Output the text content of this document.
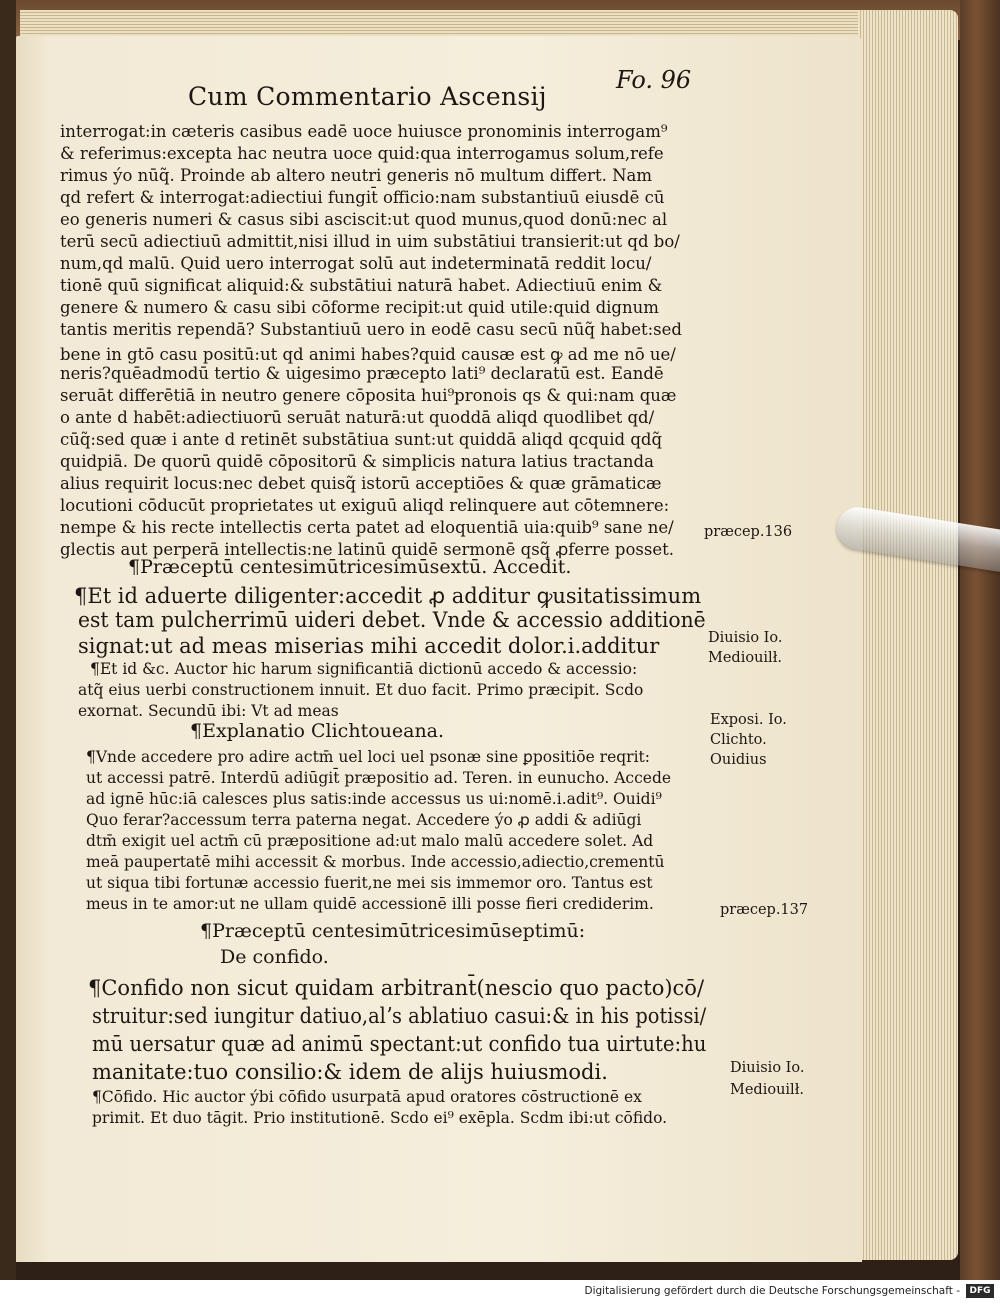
Cum Commentario Ascensij
Fo. 96
interrogat:in cæteris casibus eadē uoce huiusce pronominis interrogam⁹
& referimus:excepta hac neutra uoce quid:qua interrogamus solum,refe
rimus ýo nūq̃. Proinde ab altero neutri generis nō multum differt. Nam
qd refert & interrogat:adiectiui fungit̄ officio:nam substantiuū eiusdē cū
eo generis numeri & casus sibi ascisci​t:ut quod munus,quod donū:nec al
terū secū adiectiuū admittit,nisi illud in uim substātiui transierit:ut qd bo/
num,qd malū. Quid uero interrogat solū aut indeterminatā reddit locu/
tionē quū significat aliquid:& substātiui naturā habet. Adiectiuū enim &
genere & numero & casu sibi cōforme recipit:ut quid utile:quid dignum
tantis meritis rependā? Substantiuū uero in eodē casu secū nūq̃ habet:sed
bene in gtō casu positū:ut qd animi habes?quid causæ est ꝙ ad me nō ue/
neris?quēadmodū tertio & uigesimo præcepto lati⁹ declaratū est. Eandē
seruāt differētiā in neutro genere cōposita hui⁹pronois qs & qui:nam quæ
o ante d habēt:adiectiuorū seruāt naturā:ut quoddā aliqd quodlibet qd/
cūq̃:sed quæ i ante d retinēt substātiua sunt:ut quiddā aliqd qcquid qdq̃
quidpiā. De quorū quidē cōpositorū & simplicis natura latius tractanda
alius requirit locus:nec debet quisq̃ istorū acceptiōes & quæ grāmaticæ
locutioni cōducūt proprietates ut exiguū aliqd relinquere aut cōtemnere:
nempe & his recte intellectis certa patet ad eloquentiā uia:quib⁹ sane ne/
glectis aut perperā intellectis:ne latinū quidē sermonē qsq̃ ꝓferre posset.
¶Præceptū centesimūtricesimūsextū. Accedit.
præcep.136
¶Et id aduerte diligenter:accedit ꝓ additur ꝙusitatissimum
est tam pulcherrimū uideri debet. Vnde & accessio additionē
signat:ut ad meas miserias mihi accedit dolor.i.additur
¶Et id &c. Auctor hic harum significantiā dictionū accedo & accessio:
atq̃ eius uerbi constructionem innuit. Et duo facit. Primo præcipit. Scdo
exornat. Secundū ibi: Vt ad meas
Diuisio Io.
Mediouilł.
¶Explanatio Clichtoueana.	Exposi. Io.
Clichto.
Ouidius
¶Vnde accedere pro adire actm̄ uel loci uel psonæ sine ꝑpositiōe reqrit:
ut accessi patrē. Interdū adiūgit̄ præpositio ad. Teren. in eunucho. Accede
ad ignē hūc:iā calesces plus satis:inde accessus us ui:nomē.i.adit⁹. Ouidi⁹
Quo ferar?accessum terra paterna negat. Accedere ýo ꝓ addi & adiūgi
dtm̄ exigit uel actm̄ cū præpositione ad:ut malo malū accedere solet. Ad
meā paupertatē mihi accessit & morbus. Inde accessio,adiectio,crementū
ut siqua tibi fortunæ accessio fuerit,ne mei sis immemor oro. Tantus est
meus in te amor:ut ne ullam quidē accessionē illi posse fieri crediderim.
¶Præceptū centesimūtricesimūseptimū:
præcep.137
De confido.
¶Confido non sicut quidam arbitrant̄(nescio quo pacto)cō/
struitur:sed iungitur datiuo,alʼs ablatiuo casui:& in his potissi/
mū uersatur quæ ad animū spectant:ut confido tua uirtute:hu
manitate:tuo consilio:& idem de alijs huiusmodi.
¶Cōfido. Hic auctor ýbi cōfido usurpatā apud oratores cōstructionē ex
primit. Et duo tāgit. Prio institutionē. Scdo ei⁹ exēpla. Scdm ibi:ut cōfido.
Diuisio Io.
Mediouilł.
Digitalisierung gefördert durch die Deutsche Forschungsgemeinschaft -	DFG
